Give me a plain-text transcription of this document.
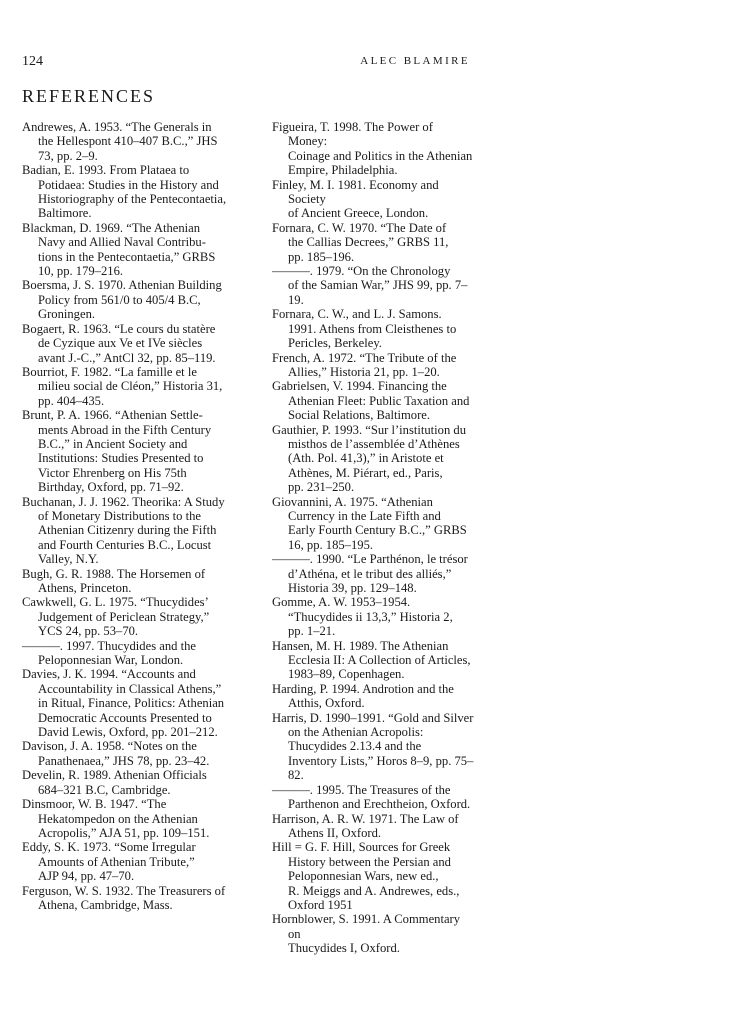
124	ALEC BLAMIRE
REFERENCES
Andrewes, A. 1953. “The Generals in
the Hellespont 410–407 B.C.,” JHS
73, pp. 2–9.
Badian, E. 1993. From Plataea to
Potidaea: Studies in the History and
Historiography of the Pentecontaetia,
Baltimore.
Blackman, D. 1969. “The Athenian
Navy and Allied Naval Contribu-
tions in the Pentecontaetia,” GRBS
10, pp. 179–216.
Boersma, J. S. 1970. Athenian Building
Policy from 561/0 to 405/4 B.C,
Groningen.
Bogaert, R. 1963. “Le cours du statère
de Cyzique aux Ve et IVe siècles
avant J.-C.,” AntCl 32, pp. 85–119.
Bourriot, F. 1982. “La famille et le
milieu social de Cléon,” Historia 31,
pp. 404–435.
Brunt, P. A. 1966. “Athenian Settle-
ments Abroad in the Fifth Century
B.C.,” in Ancient Society and
Institutions: Studies Presented to
Victor Ehrenberg on His 75th
Birthday, Oxford, pp. 71–92.
Buchanan, J. J. 1962. Theorika: A Study
of Monetary Distributions to the
Athenian Citizenry during the Fifth
and Fourth Centuries B.C., Locust
Valley, N.Y.
Bugh, G. R. 1988. The Horsemen of
Athens, Princeton.
Cawkwell, G. L. 1975. “Thucydides’
Judgement of Periclean Strategy,”
YCS 24, pp. 53–70.
———. 1997. Thucydides and the
Peloponnesian War, London.
Davies, J. K. 1994. “Accounts and
Accountability in Classical Athens,”
in Ritual, Finance, Politics: Athenian
Democratic Accounts Presented to
David Lewis, Oxford, pp. 201–212.
Davison, J. A. 1958. “Notes on the
Panathenaea,” JHS 78, pp. 23–42.
Develin, R. 1989. Athenian Officials
684–321 B.C, Cambridge.
Dinsmoor, W. B. 1947. “The
Hekatompedon on the Athenian
Acropolis,” AJA 51, pp. 109–151.
Eddy, S. K. 1973. “Some Irregular
Amounts of Athenian Tribute,”
AJP 94, pp. 47–70.
Ferguson, W. S. 1932. The Treasurers of
Athena, Cambridge, Mass.
Figueira, T. 1998. The Power of Money:
Coinage and Politics in the Athenian
Empire, Philadelphia.
Finley, M. I. 1981. Economy and Society
of Ancient Greece, London.
Fornara, C. W. 1970. “The Date of
the Callias Decrees,” GRBS 11,
pp. 185–196.
———. 1979. “On the Chronology
of the Samian War,” JHS 99, pp. 7–
19.
Fornara, C. W., and L. J. Samons.
1991. Athens from Cleisthenes to
Pericles, Berkeley.
French, A. 1972. “The Tribute of the
Allies,” Historia 21, pp. 1–20.
Gabrielsen, V. 1994. Financing the
Athenian Fleet: Public Taxation and
Social Relations, Baltimore.
Gauthier, P. 1993. “Sur l’institution du
misthos de l’assemblée d’Athènes
(Ath. Pol. 41,3),” in Aristote et
Athènes, M. Piérart, ed., Paris,
pp. 231–250.
Giovannini, A. 1975. “Athenian
Currency in the Late Fifth and
Early Fourth Century B.C.,” GRBS
16, pp. 185–195.
———. 1990. “Le Parthénon, le trésor
d’Athéna, et le tribut des alliés,”
Historia 39, pp. 129–148.
Gomme, A. W. 1953–1954.
“Thucydides ii 13,3,” Historia 2,
pp. 1–21.
Hansen, M. H. 1989. The Athenian
Ecclesia II: A Collection of Articles,
1983–89, Copenhagen.
Harding, P. 1994. Androtion and the
Atthis, Oxford.
Harris, D. 1990–1991. “Gold and Silver
on the Athenian Acropolis:
Thucydides 2.13.4 and the
Inventory Lists,” Horos 8–9, pp. 75–
82.
———. 1995. The Treasures of the
Parthenon and Erechtheion, Oxford.
Harrison, A. R. W. 1971. The Law of
Athens II, Oxford.
Hill = G. F. Hill, Sources for Greek
History between the Persian and
Peloponnesian Wars, new ed.,
R. Meiggs and A. Andrewes, eds.,
Oxford 1951
Hornblower, S. 1991. A Commentary on
Thucydides I, Oxford.
